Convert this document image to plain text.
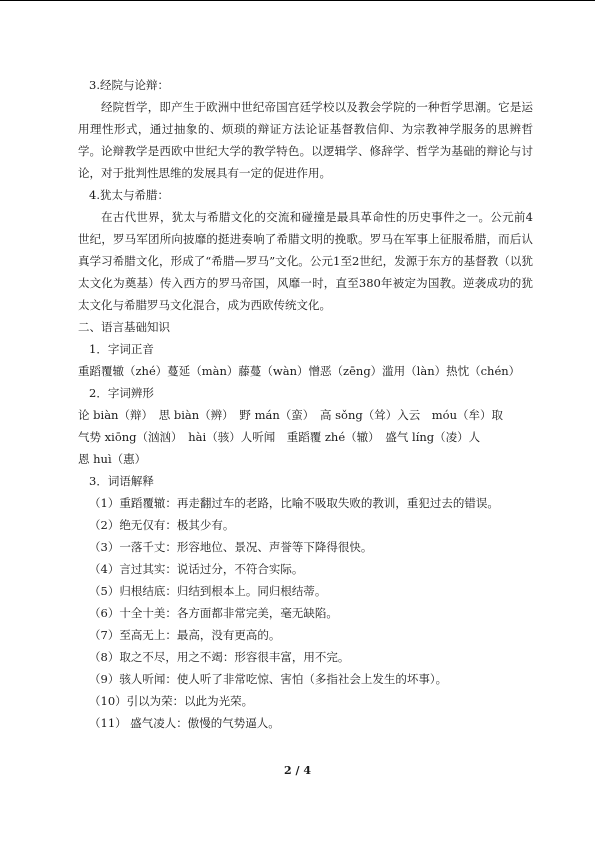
3.经院与论辩：
经院哲学，即产生于欧洲中世纪帝国宫廷学校以及教会学院的一种哲学思潮。它是运用理性形式，通过抽象的、烦琐的辩证方法论证基督教信仰、为宗教神学服务的思辨哲学。 论辩教学是西欧中世纪大学的教学特色。以逻辑学、修辞学、哲学为基础的辩论与讨论，对于批判性思维的发展具有一定的促进作用。
4.犹太与希腊：
在古代世界，犹太与希腊文化的交流和碰撞是最具革命性的历史事件之一。公元前4世纪，罗马军团所向披靡的挺进奏响了希腊文明的挽歌。罗马在军事上征服希腊，而后认真学习希腊文化，形成了“希腊—罗马”文化。公元1至2世纪，发源于东方的基督教（以犹太文化为奠基）传入西方的罗马帝国，风靡一时，直至380年被定为国教。逆袭成功的犹太文化与希腊罗马文化混合，成为西欧传统文化。
二、语言基础知识
1．字词正音
重蹈覆辙（zhé）蔓延（màn）藤蔓（wàn）憎恶（zēng）滥用（làn）热忱（chén）
2．字词辨形
论 biàn（辩）　思 biàn（辨）　野 mán（蛮）　高 sǒng（耸）入云　móu（牟）取
气势 xiōng（汹汹）　hài（骇）人听闻　重蹈覆 zhé（辙）　盛气 líng（凌）人
恩 huì（惠）
3．词语解释
（1）重蹈覆辙：再走翻过车的老路，比喻不吸取失败的教训，重犯过去的错误。
（2）绝无仅有：极其少有。
（3）一落千丈：形容地位、景况、声誉等下降得很快。
（4）言过其实：说话过分，不符合实际。
（5）归根结底：归结到根本上。同归根结蒂。
（6）十全十美：各方面都非常完美，毫无缺陷。
（7）至高无上：最高，没有更高的。
（8）取之不尽，用之不竭：形容很丰富，用不完。
（9）骇人听闻：使人听了非常吃惊、害怕（多指社会上发生的坏事）。
（10）引以为荣：以此为光荣。
（11） 盛气凌人：傲慢的气势逼人。
2 / 4
